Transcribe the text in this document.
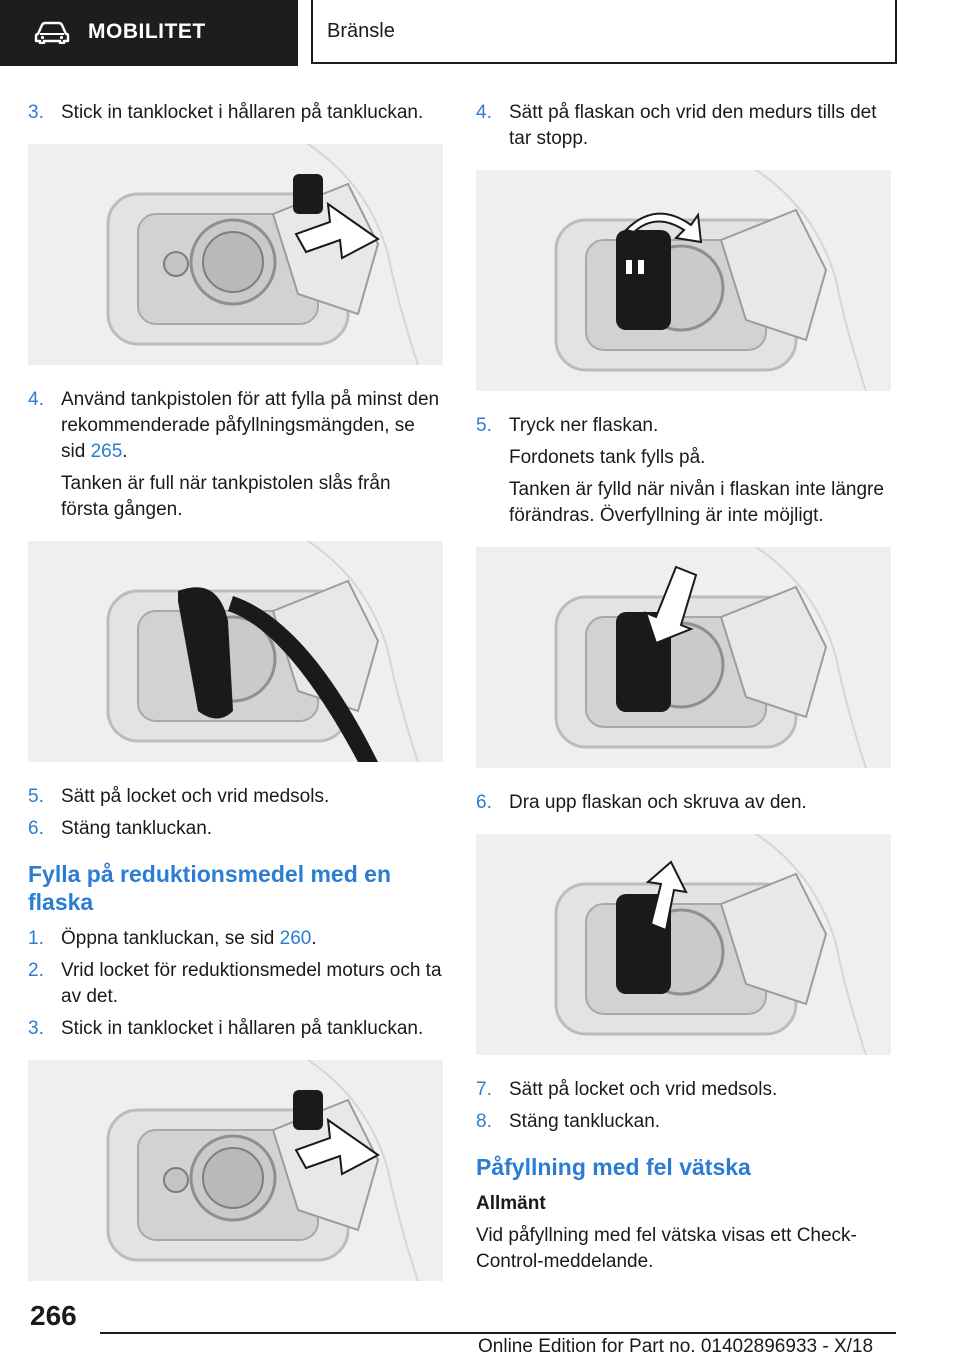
MOBILITET	Bränsle
3. Stick in tanklocket i hållaren på tankluckan.
4. Använd tankpistolen för att fylla på minst den rekommenderade påfyllningsmängden, se sid 265.
Tanken är full när tankpistolen slås från första gången.
5. Sätt på locket och vrid medsols.
6. Stäng tankluckan.
Fylla på reduktionsmedel med en flaska
1. Öppna tankluckan, se sid 260.
2. Vrid locket för reduktionsmedel moturs och ta av det.
3. Stick in tanklocket i hållaren på tankluckan.
4. Sätt på flaskan och vrid den medurs tills det tar stopp.
5. Tryck ner flaskan.
Fordonets tank fylls på.
Tanken är fylld när nivån i flaskan inte längre förändras. Överfyllning är inte möjligt.
6. Dra upp flaskan och skruva av den.
7. Sätt på locket och vrid medsols.
8. Stäng tankluckan.
Påfyllning med fel vätska
Allmänt
Vid påfyllning med fel vätska visas ett Check-Control-meddelande.
266
Online Edition for Part no. 01402896933 - X/18
